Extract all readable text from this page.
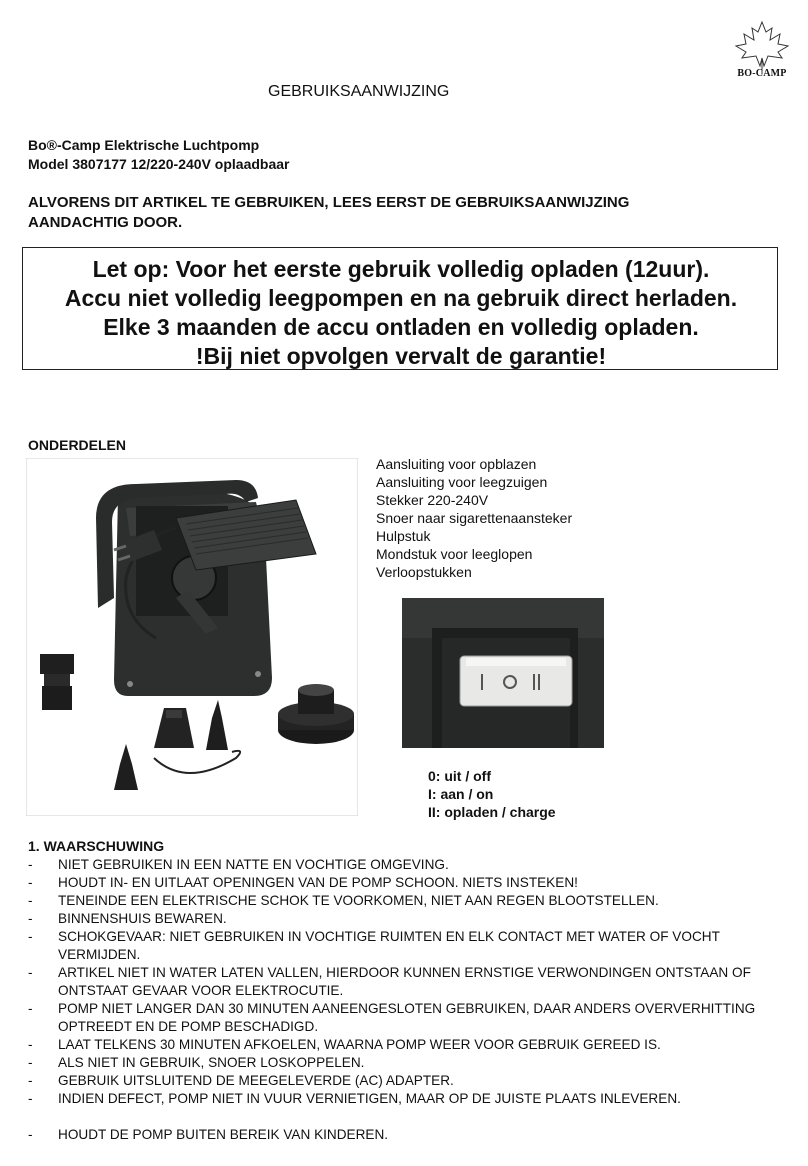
BO-CAMP
GEBRUIKSAANWIJZING
Bo®-Camp Elektrische Luchtpomp
Model 3807177 12/220-240V oplaadbaar
ALVORENS DIT ARTIKEL TE GEBRUIKEN, LEES EERST DE GEBRUIKSAANWIJZING
AANDACHTIG DOOR.
Let op: Voor het eerste gebruik volledig opladen (12uur).
Accu niet volledig leegpompen en na gebruik direct herladen.
Elke 3 maanden de accu ontladen en volledig opladen.
!Bij niet opvolgen vervalt de garantie!
ONDERDELEN
Aansluiting voor opblazen
Aansluiting voor leegzuigen
Stekker 220-240V
Snoer naar sigarettenaansteker
Hulpstuk
Mondstuk voor leeglopen
Verloopstukken
0: uit / off
I: aan / on
II: opladen / charge
1. WAARSCHUWING
- NIET GEBRUIKEN IN EEN NATTE EN VOCHTIGE OMGEVING.
- HOUDT IN- EN UITLAAT OPENINGEN VAN DE POMP SCHOON. NIETS INSTEKEN!
- TENEINDE EEN ELEKTRISCHE SCHOK TE VOORKOMEN, NIET AAN REGEN BLOOTSTELLEN.
- BINNENSHUIS BEWAREN.
- SCHOKGEVAAR: NIET GEBRUIKEN IN VOCHTIGE RUIMTEN EN ELK CONTACT MET WATER OF VOCHT VERMIJDEN.
- ARTIKEL NIET IN WATER LATEN VALLEN, HIERDOOR KUNNEN ERNSTIGE VERWONDINGEN ONTSTAAN OF ONTSTAAT GEVAAR VOOR ELEKTROCUTIE.
- POMP NIET LANGER DAN 30 MINUTEN AANEENGESLOTEN GEBRUIKEN, DAAR ANDERS OVERVERHITTING OPTREEDT EN DE POMP BESCHADIGD.
- LAAT TELKENS 30 MINUTEN AFKOELEN, WAARNA POMP WEER VOOR GEBRUIK GEREED IS.
- ALS NIET IN GEBRUIK, SNOER LOSKOPPELEN.
- GEBRUIK UITSLUITEND DE MEEGELEVERDE (AC) ADAPTER.
- INDIEN DEFECT, POMP NIET IN VUUR VERNIETIGEN, MAAR OP DE JUISTE PLAATS INLEVEREN.
- HOUDT DE POMP BUITEN BEREIK VAN KINDEREN.
